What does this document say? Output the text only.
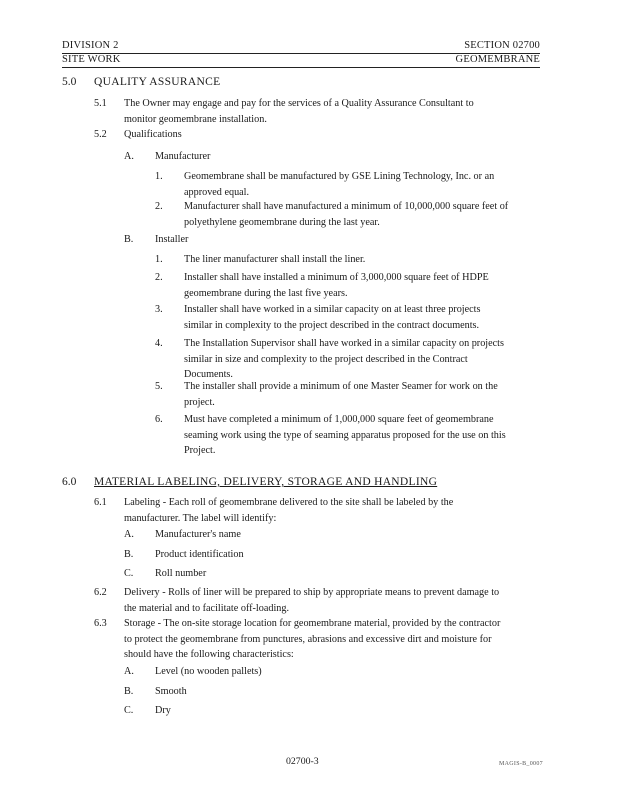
DIVISION 2
SITE WORK
SECTION 02700
GEOMEMBRANE
5.0 QUALITY ASSURANCE
5.1 The Owner may engage and pay for the services of a Quality Assurance Consultant to
monitor geomembrane installation.
5.2 Qualifications
A. Manufacturer
1. Geomembrane shall be manufactured by GSE Lining Technology, Inc. or an
approved equal.
2. Manufacturer shall have manufactured a minimum of 10,000,000 square feet of
polyethylene geomembrane during the last year.
B. Installer
1. The liner manufacturer shall install the liner.
2. Installer shall have installed a minimum of 3,000,000 square feet of HDPE
geomembrane during the last five years.
3. Installer shall have worked in a similar capacity on at least three projects
similar in complexity to the project described in the contract documents.
4. The Installation Supervisor shall have worked in a similar capacity on projects
similar in size and complexity to the project described in the Contract
Documents.
5. The installer shall provide a minimum of one Master Seamer for work on the
project.
6. Must have completed a minimum of 1,000,000 square feet of geomembrane
seaming work using the type of seaming apparatus proposed for the use on this
Project.
6.0 MATERIAL LABELING, DELIVERY, STORAGE AND HANDLING
6.1 Labeling - Each roll of geomembrane delivered to the site shall be labeled by the
manufacturer. The label will identify:
A. Manufacturer's name
B. Product identification
C. Roll number
6.2 Delivery - Rolls of liner will be prepared to ship by appropriate means to prevent damage to
the material and to facilitate off-loading.
6.3 Storage - The on-site storage location for geomembrane material, provided by the contractor
to protect the geomembrane from punctures, abrasions and excessive dirt and moisture for
should have the following characteristics:
A. Level (no wooden pallets)
B. Smooth
C. Dry
02700-3	MAGIS-B_0007
